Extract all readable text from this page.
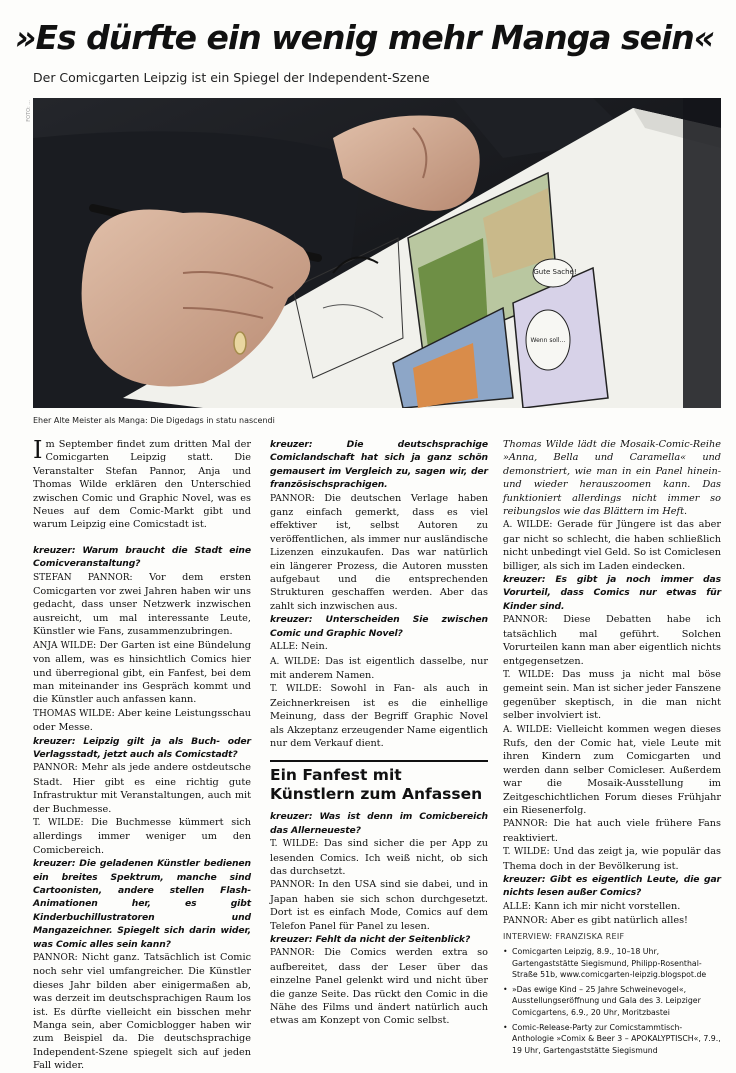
»Es dürfte ein wenig mehr Manga sein«

Der Comicgarten Leipzig ist ein Spiegel der Independent-Szene

Gute Sache!
Wenn soll…
FOTO: ...

Eher Alte Meister als Manga: Die Digedags in statu nascendi

Im September findet zum dritten Mal der Comicgarten Leipzig statt. Die Veranstalter Stefan Pannor, Anja und Thomas Wilde erklären den Unterschied zwischen Comic und Graphic Novel, was es Neues auf dem Comic-Markt gibt und warum Leipzig eine Comicstadt ist.

kreuzer: Warum braucht die Stadt eine Comicveranstaltung?

STEFAN PANNOR: Vor dem ersten Comicgarten vor zwei Jahren haben wir uns gedacht, dass unser Netzwerk inzwischen ausreicht, um mal interessante Leute, Künstler wie Fans, zusammenzubringen.

ANJA WILDE: Der Garten ist eine Bündelung von allem, was es hinsichtlich Comics hier und überregional gibt, ein Fanfest, bei dem man miteinander ins Gespräch kommt und die Künstler auch anfassen kann.

THOMAS WILDE: Aber keine Leistungsschau oder Messe.

kreuzer: Leipzig gilt ja als Buch- oder Verlagsstadt, jetzt auch als Comicstadt?

PANNOR: Mehr als jede andere ostdeutsche Stadt. Hier gibt es eine richtig gute Infrastruktur mit Veranstaltungen, auch mit der Buchmesse.

T. WILDE: Die Buchmesse kümmert sich allerdings immer weniger um den Comicbereich.

kreuzer: Die geladenen Künstler bedienen ein breites Spektrum, manche sind Cartoonisten, andere stellen Flash-Animationen her, es gibt Kinderbuchillustratoren und Mangazeichner. Spiegelt sich darin wider, was Comic alles sein kann?

PANNOR: Nicht ganz. Tatsächlich ist Comic noch sehr viel umfangreicher. Die Künstler dieses Jahr bilden aber einigermaßen ab, was derzeit im deutschsprachigen Raum los ist. Es dürfte vielleicht ein bisschen mehr Manga sein, aber Comicblogger haben wir zum Beispiel da. Die deutschsprachige Independent-Szene spiegelt sich auf jeden Fall wider.

kreuzer: Die deutschsprachige Comiclandschaft hat sich ja ganz schön gemausert im Vergleich zu, sagen wir, der französischsprachigen.

PANNOR: Die deutschen Verlage haben ganz einfach gemerkt, dass es viel effektiver ist, selbst Autoren zu veröffentlichen, als immer nur ausländische Lizenzen einzukaufen. Das war natürlich ein längerer Prozess, die Autoren mussten aufgebaut und die entsprechenden Strukturen geschaffen werden. Aber das zahlt sich inzwischen aus.

kreuzer: Unterscheiden Sie zwischen Comic und Graphic Novel?

ALLE: Nein.

A. WILDE: Das ist eigentlich dasselbe, nur mit anderem Namen.

T. WILDE: Sowohl in Fan- als auch in Zeichnerkreisen ist es die einhellige Meinung, dass der Begriff Graphic Novel als Akzeptanz erzeugender Name eigentlich nur dem Verkauf dient.

Ein Fanfest mit Künstlern zum Anfassen

kreuzer: Was ist denn im Comicbereich das Allerneueste?

T. WILDE: Das sind sicher die per App zu lesenden Comics. Ich weiß nicht, ob sich das durchsetzt.

PANNOR: In den USA sind sie dabei, und in Japan haben sie sich schon durchgesetzt. Dort ist es einfach Mode, Comics auf dem Telefon Panel für Panel zu lesen.

kreuzer: Fehlt da nicht der Seitenblick?

PANNOR: Die Comics werden extra so aufbereitet, dass der Leser über das einzelne Panel gelenkt wird und nicht über die ganze Seite. Das rückt den Comic in die Nähe des Films und ändert natürlich auch etwas am Konzept von Comic selbst.

Thomas Wilde lädt die Mosaik-Comic-Reihe »Anna, Bella und Caramella« und demonstriert, wie man in ein Panel hinein- und wieder herauszoomen kann. Das funktioniert allerdings nicht immer so reibungslos wie das Blättern im Heft.

A. WILDE: Gerade für Jüngere ist das aber gar nicht so schlecht, die haben schließlich nicht unbedingt viel Geld. So ist Comiclesen billiger, als sich im Laden eindecken.

kreuzer: Es gibt ja noch immer das Vorurteil, dass Comics nur etwas für Kinder sind.

PANNOR: Diese Debatten habe ich tatsächlich mal geführt. Solchen Vorurteilen kann man aber eigentlich nichts entgegensetzen.

T. WILDE: Das muss ja nicht mal böse gemeint sein. Man ist sicher jeder Fanszene gegenüber skeptisch, in die man nicht selber involviert ist.

A. WILDE: Vielleicht kommen wegen dieses Rufs, den der Comic hat, viele Leute mit ihren Kindern zum Comicgarten und werden dann selber Comicleser. Außerdem war die Mosaik-Ausstellung im Zeitgeschichtlichen Forum dieses Frühjahr ein Riesenerfolg.

PANNOR: Die hat auch viele frühere Fans reaktiviert.

T. WILDE: Und das zeigt ja, wie populär das Thema doch in der Bevölkerung ist.

kreuzer: Gibt es eigentlich Leute, die gar nichts lesen außer Comics?

ALLE: Kann ich mir nicht vorstellen.

PANNOR: Aber es gibt natürlich alles!

INTERVIEW: FRANZISKA REIF
• Comicgarten Leipzig, 8.9., 10–18 Uhr, Gartengaststätte Siegismund, Philipp-Rosenthal-Straße 51b, www.comicgarten-leipzig.blogspot.de
• »Das ewige Kind – 25 Jahre Schweinevogel«, Ausstellungseröffnung und Gala des 3. Leipziger Comicgartens, 6.9., 20 Uhr, Moritzbastei
• Comic-Release-Party zur Comicstammtisch-Anthologie »Comix & Beer 3 – APOKALYPTISCH«, 7.9., 19 Uhr, Gartengaststätte Siegismund
